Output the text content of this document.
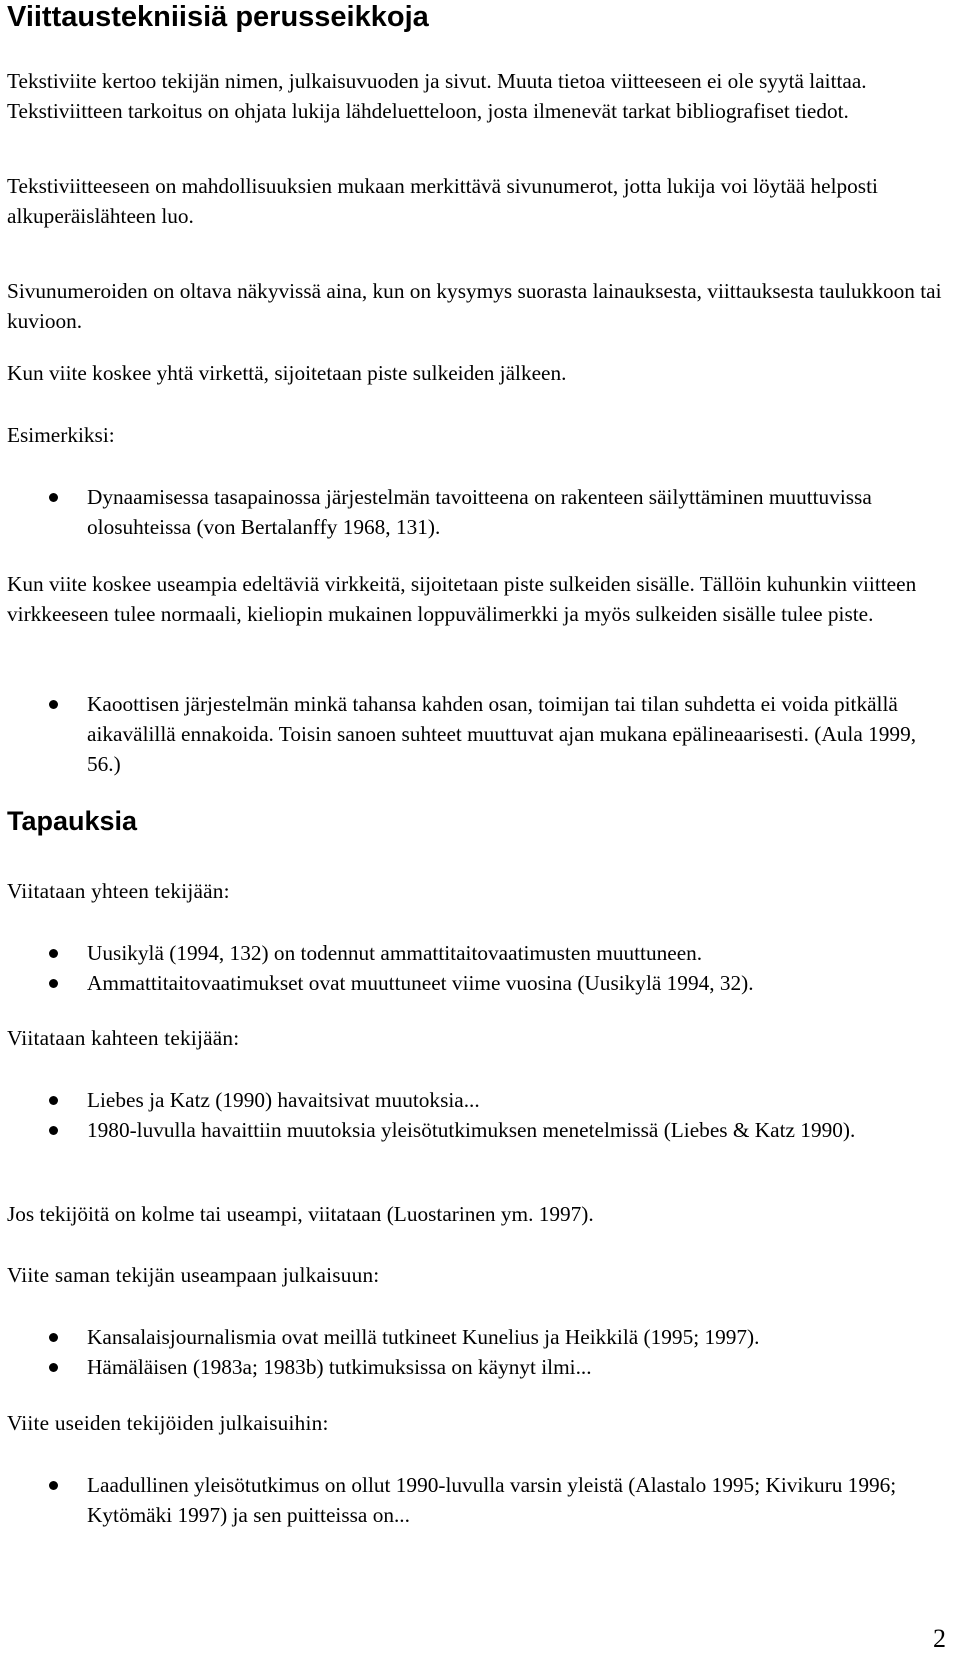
Viittaustekniisiä perusseikkoja

Tekstiviite kertoo tekijän nimen, julkaisuvuoden ja sivut. Muuta tietoa viitteeseen ei ole syytä laittaa. Tekstiviitteen tarkoitus on ohjata lukija lähdeluetteloon, josta ilmenevät tarkat bibliografiset tiedot.

Tekstiviitteeseen on mahdollisuuksien mukaan merkittävä sivunumerot, jotta lukija voi löytää helposti alkuperäislähteen luo.

Sivunumeroiden on oltava näkyvissä aina, kun on kysymys suorasta lainauksesta, viittauksesta taulukkoon tai kuvioon.

Kun viite koskee yhtä virkettä, sijoitetaan piste sulkeiden jälkeen.

Esimerkiksi:

Dynaamisessa tasapainossa järjestelmän tavoitteena on rakenteen säilyttäminen muuttuvissa olosuhteissa (von Bertalanffy 1968, 131).

Kun viite koskee useampia edeltäviä virkkeitä, sijoitetaan piste sulkeiden sisälle. Tällöin kuhunkin viitteen virkkeeseen tulee normaali, kieliopin mukainen loppuvälimerkki ja myös sulkeiden sisälle tulee piste.

Kaoottisen järjestelmän minkä tahansa kahden osan, toimijan tai tilan suhdetta ei voida pitkällä aikavälillä ennakoida. Toisin sanoen suhteet muuttuvat ajan mukana epälineaarisesti. (Aula 1999, 56.)
Tapauksia
Viitataan yhteen tekijään:
Uusikylä (1994, 132) on todennut ammattitaitovaatimusten muuttuneen.
Ammattitaitovaatimukset ovat muuttuneet viime vuosina (Uusikylä 1994, 32).
Viitataan kahteen tekijään:
Liebes ja Katz (1990) havaitsivat muutoksia...
1980-luvulla havaittiin muutoksia yleisötutkimuksen menetelmissä (Liebes & Katz 1990).

Jos tekijöitä on kolme tai useampi, viitataan (Luostarinen ym. 1997).

Viite saman tekijän useampaan julkaisuun:
Kansalaisjournalismia ovat meillä tutkineet Kunelius ja Heikkilä (1995; 1997).
Hämäläisen (1983a; 1983b) tutkimuksissa on käynyt ilmi...
Viite useiden tekijöiden julkaisuihin:
Laadullinen yleisötutkimus on ollut 1990-luvulla varsin yleistä (Alastalo 1995; Kivikuru 1996; Kytömäki 1997) ja sen puitteissa on...
2
